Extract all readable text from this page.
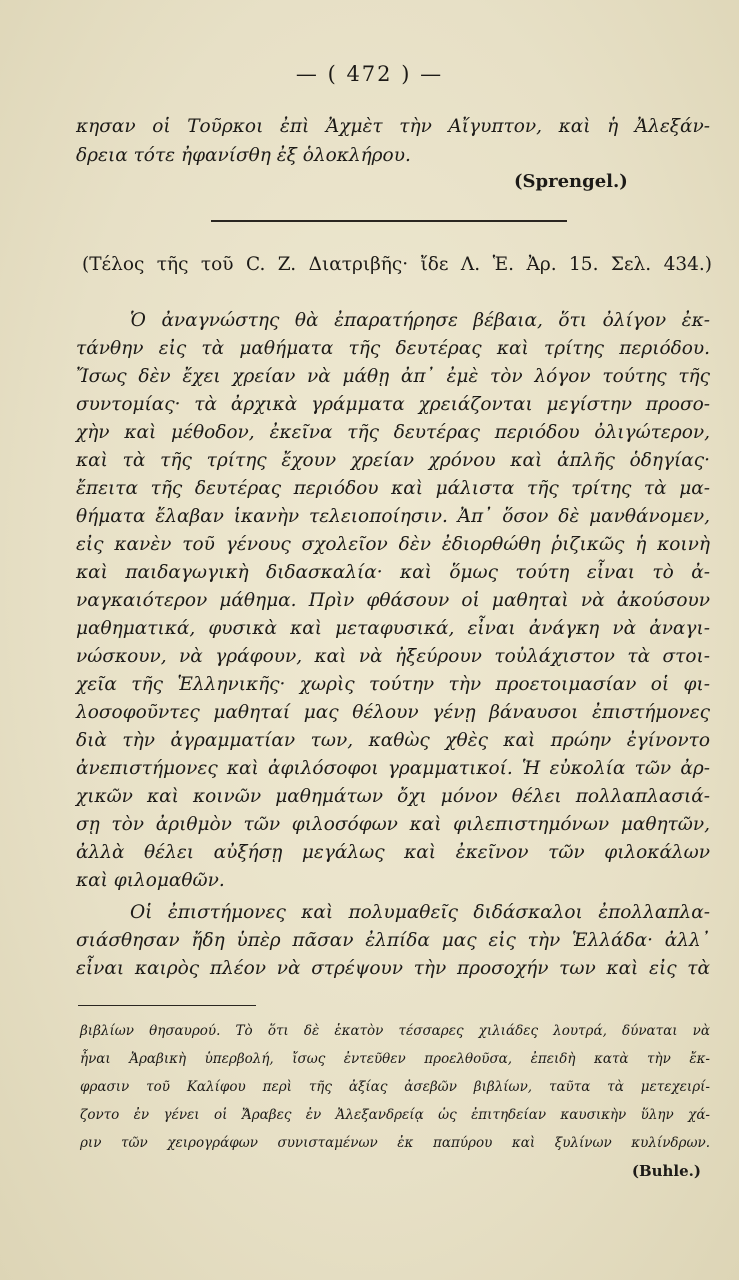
— ( 472 ) —
κησαν οἱ Τοῦρκοι ἐπὶ Ἀχμὲτ τὴν Αἴγυπτον, καὶ ἡ Ἀλεξάν-
δρεια τότε ἠφανίσθη ἐξ ὁλοκλήρου.
(Sprengel.)
(Τέλος τῆς τοῦ C. Z. Διατριβῆς· ἴδε Λ. Ἑ. Ἀρ. 15. Σελ. 434.)
Ὁ ἀναγνώστης θὰ ἐπαρατήρησε βέβαια, ὅτι ὀλίγον ἐκ-
τάνθην εἰς τὰ μαθήματα τῆς δευτέρας καὶ τρίτης περιόδου.
Ἴσως δὲν ἔχει χρείαν νὰ μάθῃ ἀπ᾽ ἐμὲ τὸν λόγον τούτης τῆς
συντομίας· τὰ ἀρχικὰ γράμματα χρειάζονται μεγίστην προσο-
χὴν καὶ μέθοδον, ἐκεῖνα τῆς δευτέρας περιόδου ὀλιγώτερον,
καὶ τὰ τῆς τρίτης ἔχουν χρείαν χρόνου καὶ ἁπλῆς ὁδηγίας·
ἔπειτα τῆς δευτέρας περιόδου καὶ μάλιστα τῆς τρίτης τὰ μα-
θήματα ἔλαβαν ἱκανὴν τελειοποίησιν. Ἀπ᾽ ὅσον δὲ μανθάνομεν,
εἰς κανὲν τοῦ γένους σχολεῖον δὲν ἐδιορθώθη ῥιζικῶς ἡ κοινὴ
καὶ παιδαγωγικὴ διδασκαλία· καὶ ὅμως τούτη εἶναι τὸ ἀ-
ναγκαιότερον μάθημα. Πρὶν φθάσουν οἱ μαθηταὶ νὰ ἀκούσουν
μαθηματικά, φυσικὰ καὶ μεταφυσικά, εἶναι ἀνάγκη νὰ ἀναγι-
νώσκουν, νὰ γράφουν, καὶ νὰ ἠξεύρουν τοὐλάχιστον τὰ στοι-
χεῖα τῆς Ἑλληνικῆς· χωρὶς τούτην τὴν προετοιμασίαν οἱ φι-
λοσοφοῦντες μαθηταί μας θέλουν γένῃ βάναυσοι ἐπιστήμονες
διὰ τὴν ἀγραμματίαν των, καθὼς χθὲς καὶ πρώην ἐγίνοντο
ἀνεπιστήμονες καὶ ἀφιλόσοφοι γραμματικοί. Ἡ εὐκολία τῶν ἀρ-
χικῶν καὶ κοινῶν μαθημάτων ὄχι μόνον θέλει πολλαπλασιά-
σῃ τὸν ἀριθμὸν τῶν φιλοσόφων καὶ φιλεπιστημόνων μαθητῶν,
ἀλλὰ θέλει αὐξήσῃ μεγάλως καὶ ἐκεῖνον τῶν φιλοκάλων
καὶ φιλομαθῶν.
Οἱ ἐπιστήμονες καὶ πολυμαθεῖς διδάσκαλοι ἐπολλαπλα-
σιάσθησαν ἤδη ὑπὲρ πᾶσαν ἐλπίδα μας εἰς τὴν Ἑλλάδα· ἀλλ᾽
εἶναι καιρὸς πλέον νὰ στρέψουν τὴν προσοχήν των καὶ εἰς τὰ
βιβλίων θησαυρού. Τὸ ὅτι δὲ ἑκατὸν τέσσαρες χιλιάδες λουτρά, δύναται νὰ
ἦναι Ἀραβικὴ ὑπερβολή, ἴσως ἐντεῦθεν προελθοῦσα, ἐπειδὴ κατὰ τὴν ἔκ-
φρασιν τοῦ Καλίφου περὶ τῆς ἀξίας ἀσεβῶν βιβλίων, ταῦτα τὰ μετεχειρί-
ζοντο ἐν γένει οἱ Ἄραβες ἐν Ἀλεξανδρείᾳ ὡς ἐπιτηδείαν καυσικὴν ὕλην χά-
ριν τῶν χειρογράφων συνισταμένων ἐκ παπύρου καὶ ξυλίνων κυλίνδρων.
(Buhle.)
